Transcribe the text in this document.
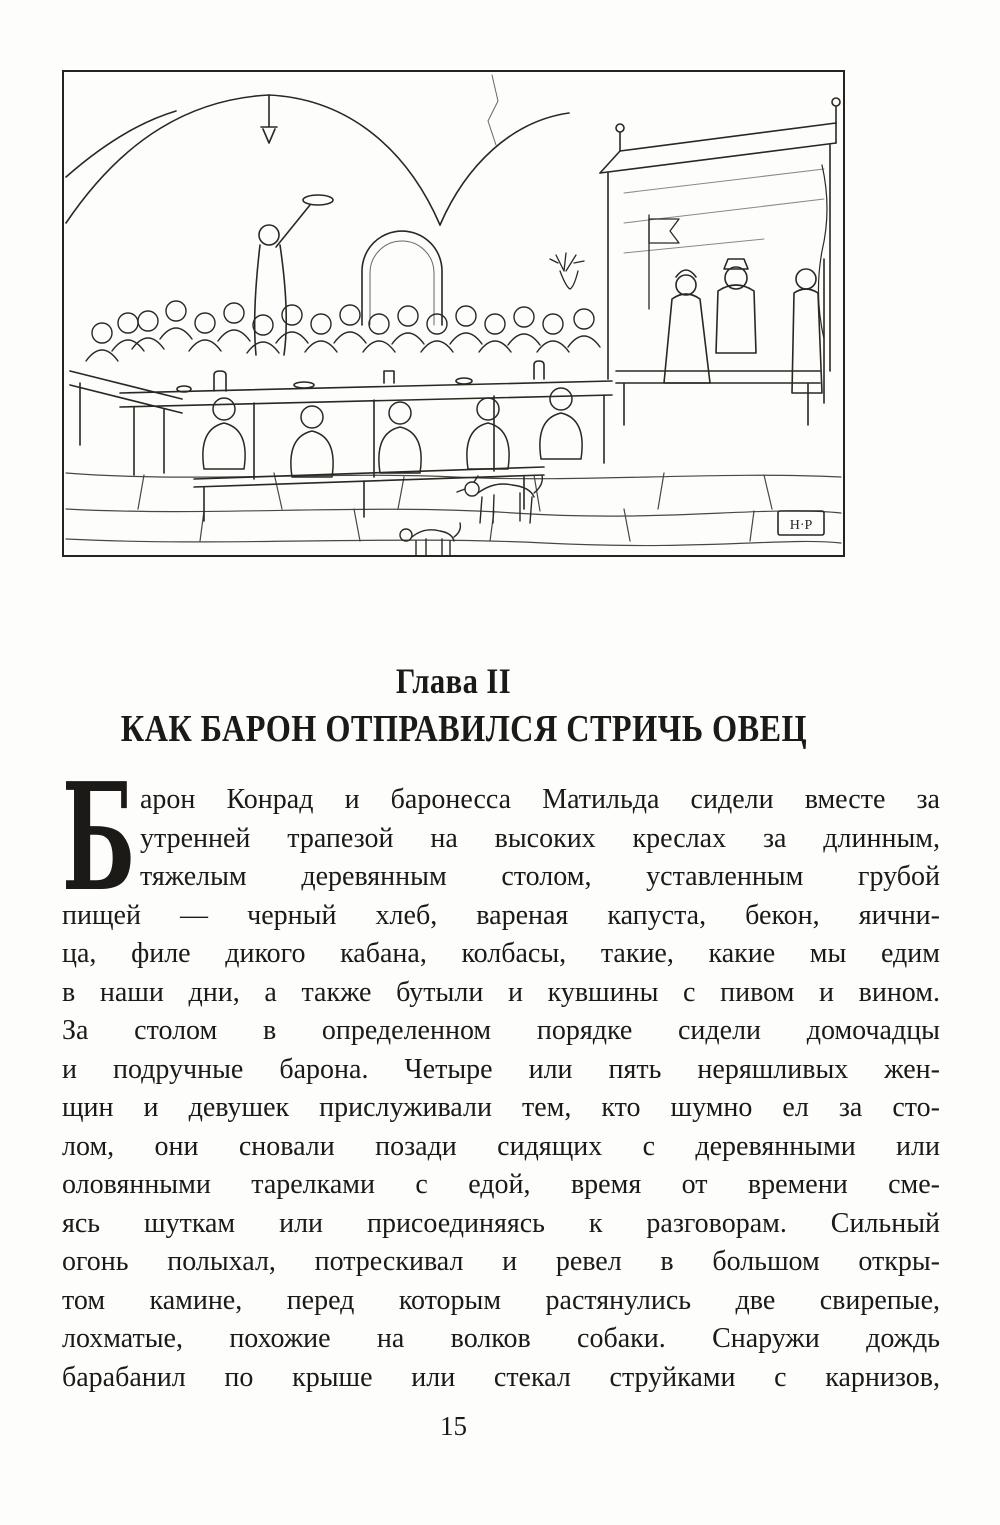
H·P
Глава II
КАК БАРОН ОТПРАВИЛСЯ СТРИЧЬ ОВЕЦ
Б арон Конрад и баронесса Матильда сидели вместе за
утренней трапезой на высоких креслах за длинным,
тяжелым деревянным столом, уставленным грубой
пищей — черный хлеб, вареная капуста, бекон, яични-
ца, филе дикого кабана, колбасы, такие, какие мы едим
в наши дни, а также бутыли и кувшины с пивом и вином.
За столом в определенном порядке сидели домочадцы
и подручные барона. Четыре или пять неряшливых жен-
щин и девушек прислуживали тем, кто шумно ел за сто-
лом, они сновали позади сидящих с деревянными или
оловянными тарелками с едой, время от времени сме-
ясь шуткам или присоединяясь к разговорам. Сильный
огонь полыхал, потрескивал и ревел в большом откры-
том камине, перед которым растянулись две свирепые,
лохматые, похожие на волков собаки. Снаружи дождь
барабанил по крыше или стекал струйками с карнизов,
15
